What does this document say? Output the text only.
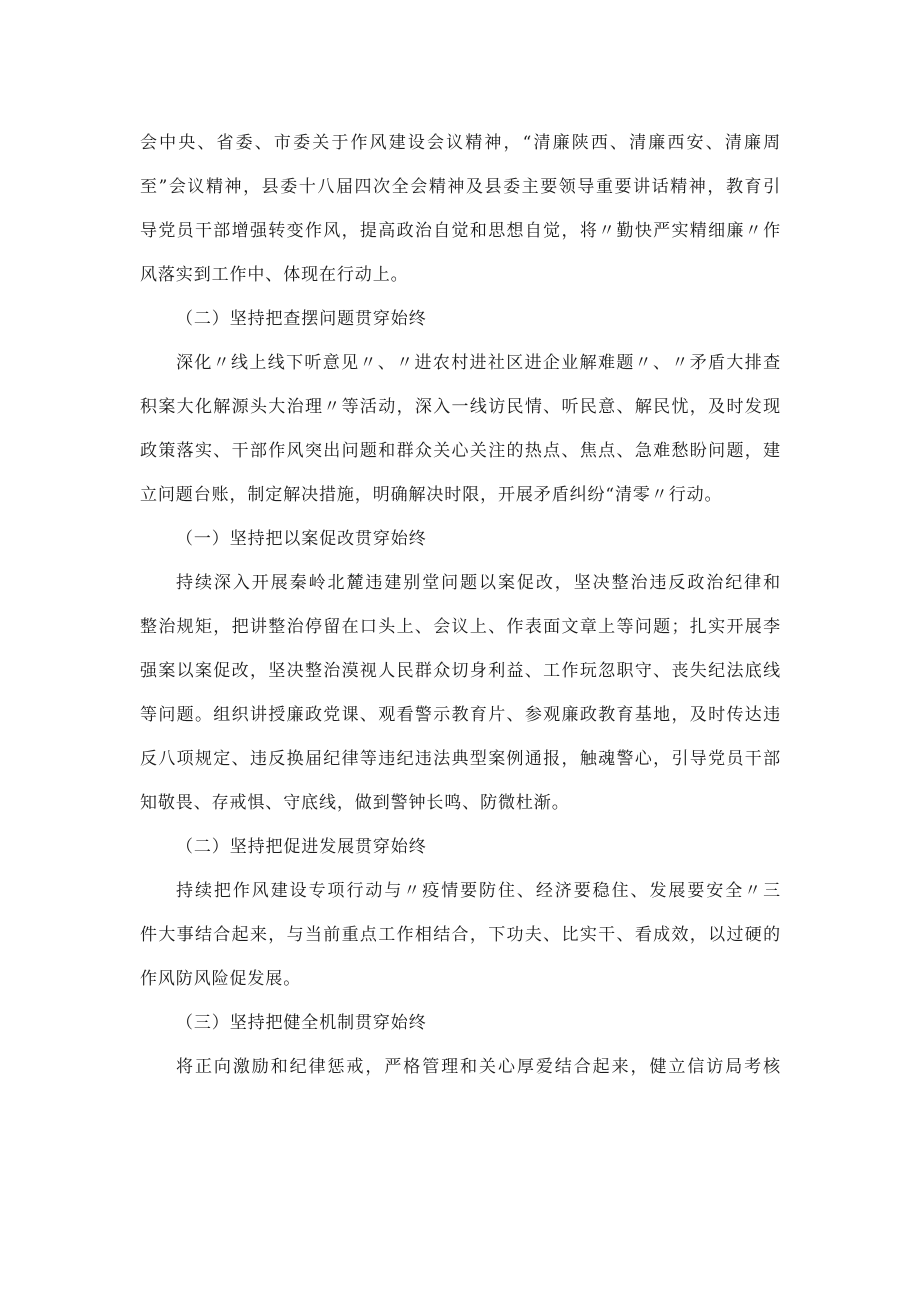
会中央、省委、市委关于作风建设会议精神，“清廉陕西、清廉西安、清廉周
至”会议精神，县委十八届四次全会精神及县委主要领导重要讲话精神，教育引
导党员干部增强转变作风，提高政治自觉和思想自觉，将〃勤快严实精细廉〃作
风落实到工作中、体现在行动上。
（二）坚持把查摆问题贯穿始终
深化〃线上线下听意见〃、〃进农村进社区进企业解难题〃、〃矛盾大排查
积案大化解源头大治理〃等活动，深入一线访民情、听民意、解民忧，及时发现
政策落实、干部作风突出问题和群众关心关注的热点、焦点、急难愁盼问题，建
立问题台账，制定解决措施，明确解决时限，开展矛盾纠纷“清零〃行动。
（一）坚持把以案促改贯穿始终
持续深入开展秦岭北麓违建别堂问题以案促改，坚决整治违反政治纪律和
整治规矩，把讲整治停留在口头上、会议上、作表面文章上等问题；扎实开展李
强案以案促改，坚决整治漠视人民群众切身利益、工作玩忽职守、丧失纪法底线
等问题。组织讲授廉政党课、观看警示教育片、参观廉政教育基地，及时传达违
反八项规定、违反换届纪律等违纪违法典型案例通报，触魂警心，引导党员干部
知敬畏、存戒惧、守底线，做到警钟长鸣、防微杜渐。
（二）坚持把促进发展贯穿始终
持续把作风建设专项行动与〃疫情要防住、经济要稳住、发展要安全〃三
件大事结合起来，与当前重点工作相结合，下功夫、比实干、看成效，以过硬的
作风防风险促发展。
（三）坚持把健全机制贯穿始终
将正向激励和纪律惩戒，严格管理和关心厚爱结合起来，健立信访局考核
